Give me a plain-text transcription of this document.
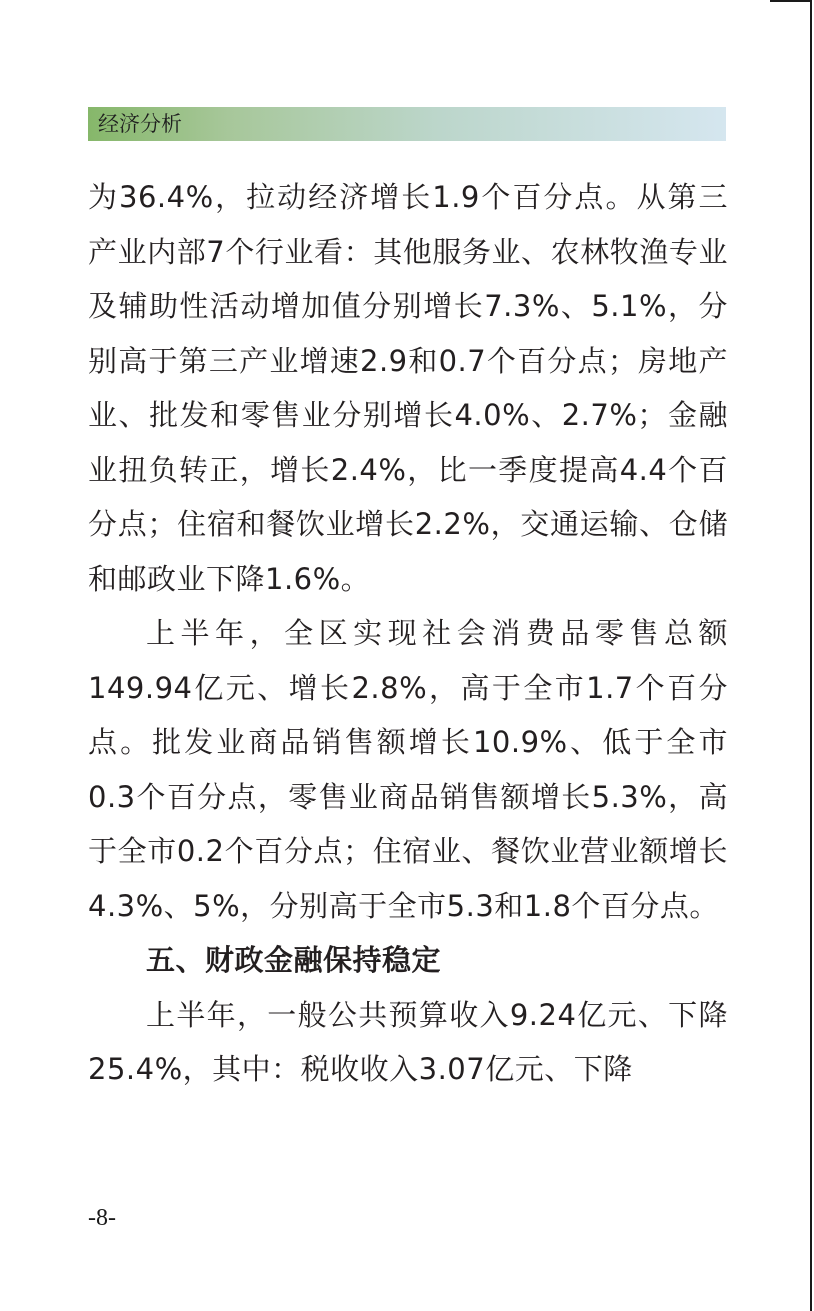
经济分析

为36.4%，拉动经济增长1.9个百分点。从第三产业内部7个行业看：其他服务业、农林牧渔专业及辅助性活动增加值分别增长7.3%、5.1%，分别高于第三产业增速2.9和0.7个百分点；房地产业、批发和零售业分别增长4.0%、2.7%；金融业扭负转正，增长2.4%，比一季度提高4.4个百分点；住宿和餐饮业增长2.2%，交通运输、仓储和邮政业下降1.6%。

上半年，全区实现社会消费品零售总额149.94亿元、增长2.8%，高于全市1.7个百分点。批发业商品销售额增长10.9%、低于全市0.3个百分点，零售业商品销售额增长5.3%，高于全市0.2个百分点；住宿业、餐饮业营业额增长4.3%、5%，分别高于全市5.3和1.8个百分点。

五、财政金融保持稳定

上半年，一般公共预算收入9.24亿元、下降25.4%，其中：税收收入3.07亿元、下降

-8-
